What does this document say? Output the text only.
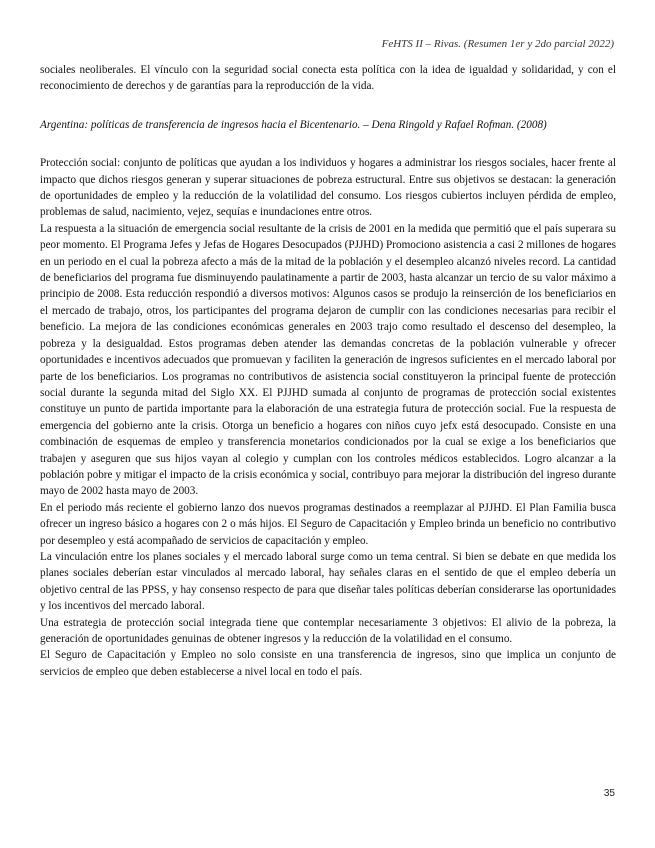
FeHTS II – Rivas. (Resumen 1er y 2do parcial 2022)

sociales neoliberales. El vínculo con la seguridad social conecta esta política con la idea de igualdad y solidaridad, y con el reconocimiento de derechos y de garantías para la reproducción de la vida.

Argentina: políticas de transferencia de ingresos hacia el Bicentenario. – Dena Ringold y Rafael Rofman. (2008)

Protección social: conjunto de políticas que ayudan a los individuos y hogares a administrar los riesgos sociales, hacer frente al impacto que dichos riesgos generan y superar situaciones de pobreza estructural. Entre sus objetivos se destacan: la generación de oportunidades de empleo y la reducción de la volatilidad del consumo. Los riesgos cubiertos incluyen pérdida de empleo, problemas de salud, nacimiento, vejez, sequías e inundaciones entre otros.

La respuesta a la situación de emergencia social resultante de la crisis de 2001 en la medida que permitió que el país superara su peor momento. El Programa Jefes y Jefas de Hogares Desocupados (PJJHD) Promociono asistencia a casi 2 millones de hogares en un periodo en el cual la pobreza afecto a más de la mitad de la población y el desempleo alcanzó niveles record. La cantidad de beneficiarios del programa fue disminuyendo paulatinamente a partir de 2003, hasta alcanzar un tercio de su valor máximo a principio de 2008. Esta reducción respondió a diversos motivos: Algunos casos se produjo la reinserción de los beneficiarios en el mercado de trabajo, otros, los participantes del programa dejaron de cumplir con las condiciones necesarias para recibir el beneficio. La mejora de las condiciones económicas generales en 2003 trajo como resultado el descenso del desempleo, la pobreza y la desigualdad. Estos programas deben atender las demandas concretas de la población vulnerable y ofrecer oportunidades e incentivos adecuados que promuevan y faciliten la generación de ingresos suficientes en el mercado laboral por parte de los beneficiarios. Los programas no contributivos de asistencia social constituyeron la principal fuente de protección social durante la segunda mitad del Siglo XX. El PJJHD sumada al conjunto de programas de protección social existentes constituye un punto de partida importante para la elaboración de una estrategia futura de protección social. Fue la respuesta de emergencia del gobierno ante la crisis. Otorga un beneficio a hogares con niños cuyo jefx está desocupado. Consiste en una combinación de esquemas de empleo y transferencia monetarios condicionados por la cual se exige a los beneficiarios que trabajen y aseguren que sus hijos vayan al colegio y cumplan con los controles médicos establecidos. Logro alcanzar a la población pobre y mitigar el impacto de la crisis económica y social, contribuyo para mejorar la distribución del ingreso durante mayo de 2002 hasta mayo de 2003.

En el periodo más reciente el gobierno lanzo dos nuevos programas destinados a reemplazar al PJJHD. El Plan Familia busca ofrecer un ingreso básico a hogares con 2 o más hijos. El Seguro de Capacitación y Empleo brinda un beneficio no contributivo por desempleo y está acompañado de servicios de capacitación y empleo.

La vinculación entre los planes sociales y el mercado laboral surge como un tema central. Si bien se debate en que medida los planes sociales deberían estar vinculados al mercado laboral, hay señales claras en el sentido de que el empleo debería un objetivo central de las PPSS, y hay consenso respecto de para que diseñar tales políticas deberían considerarse las oportunidades y los incentivos del mercado laboral.

Una estrategia de protección social integrada tiene que contemplar necesariamente 3 objetivos: El alivio de la pobreza, la generación de oportunidades genuinas de obtener ingresos y la reducción de la volatilidad en el consumo.

El Seguro de Capacitación y Empleo no solo consiste en una transferencia de ingresos, sino que implica un conjunto de servicios de empleo que deben establecerse a nivel local en todo el país.

35
